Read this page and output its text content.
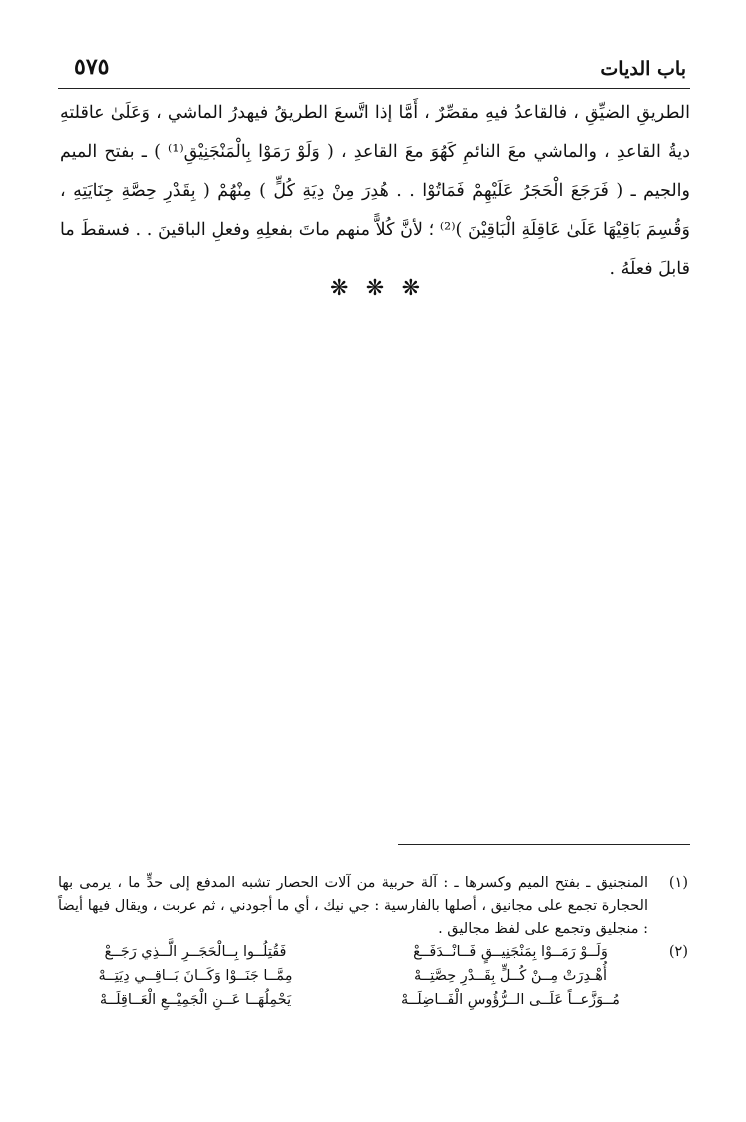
باب الديات
٥٧٥

الطريقِ الضيِّقِ ، فالقاعدُ فيهِ مقصِّرٌ ، أَمَّا إذا اتَّسعَ الطريقُ فيهدرُ الماشي ، وَعَلَىٰ عاقلتهِ ديةُ القاعدِ ، والماشي معَ النائمِ كَهُوَ معَ القاعدِ ، ( وَلَوْ رَمَوْا بِالْمَنْجَنِيْقِ⁽¹⁾ ) ـ بفتح الميم والجيم ـ ( فَرَجَعَ الْحَجَرُ عَلَيْهِمْ فَمَاتُوْا . . هُدِرَ مِنْ دِيَةِ كُلٍّ ) مِنْهُمْ ( بِقَدْرِ حِصَّةِ جِنَايَتِهِ ، وَقُسِمَ بَاقِيْهَا عَلَىٰ عَاقِلَةِ الْبَاقِيْنَ )⁽²⁾ ؛ لأنَّ كُلاًّ منهم ماتَ بفعلِهِ وفعلِ الباقينَ . . فسقطَ ما قابلَ فعلَهُ .

❋ ❋ ❋
(١)
المنجنيق ـ بفتح الميم وكسرها ـ : آلة حربية من آلات الحصار تشبه المدفع إلى حدٍّ ما ، يرمى بها الحجارة تجمع على مجانيق ، أصلها بالفارسية : جي نيك ، أي ما أجودني ، ثم عربت ، ويقال فيها أيضاً : منجليق وتجمع على لفظ مجاليق .
(٢)
وَلَــوْ رَمَــوْا بِمَنْجَنِيــقٍ فَــانْــدَفَــعْ
فَقُتِلُــوا بِــالْحَجَــرِ الَّــذِي رَجَــعْ
أُهْـدِرَتْ مِــنْ كُــلٍّ بِقَــدْرِ حِصَّتِــهْ
مِمَّــا جَنَــوْا وَكَــانَ بَــاقِــي دِيَتِــهْ
مُــوَزَّعــاً عَلَــى الــرُّؤُوسِ الْفَــاضِلَــهْ
يَحْمِلُهَــا عَــنِ الْجَمِيْــعِ الْعَــاقِلَــهْ
